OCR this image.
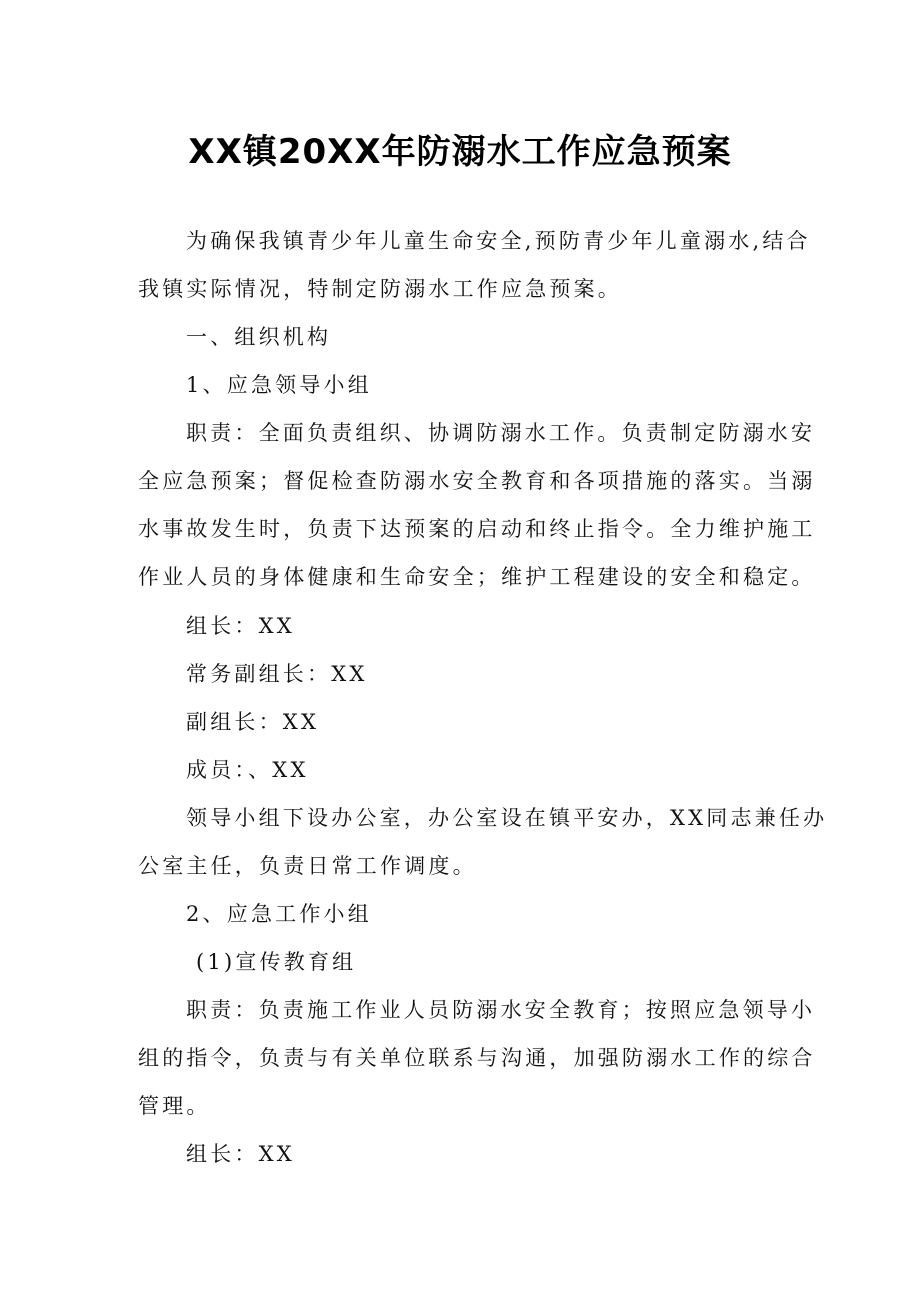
XX镇20XX年防溺水工作应急预案
为确保我镇青少年儿童生命安全,预防青少年儿童溺水,结合
我镇实际情况，特制定防溺水工作应急预案。
一、组织机构
1、应急领导小组
职责：全面负责组织、协调防溺水工作。负责制定防溺水安
全应急预案；督促检查防溺水安全教育和各项措施的落实。当溺
水事故发生时，负责下达预案的启动和终止指令。全力维护施工
作业人员的身体健康和生命安全；维护工程建设的安全和稳定。
组长：XX
常务副组长：XX
副组长：XX
成员：、XX
领导小组下设办公室，办公室设在镇平安办，XX同志兼任办
公室主任，负责日常工作调度。
2、应急工作小组
(1)宣传教育组
职责：负责施工作业人员防溺水安全教育；按照应急领导小
组的指令，负责与有关单位联系与沟通，加强防溺水工作的综合
管理。
组长：XX
